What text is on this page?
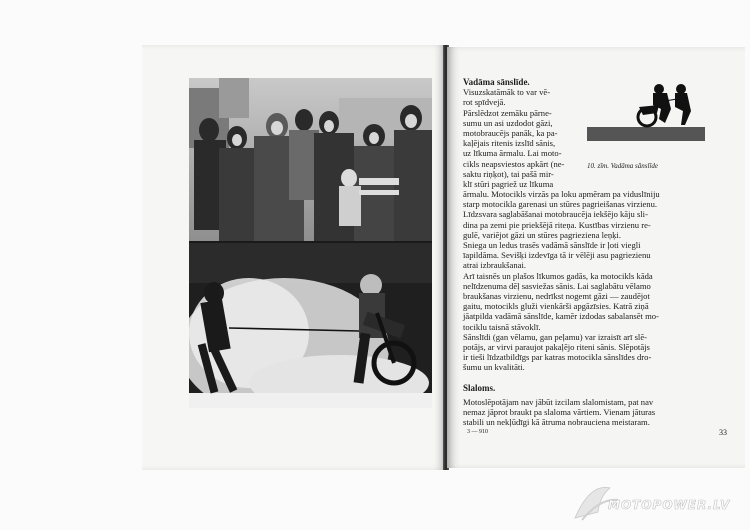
Vadāma sānslīde.
Visuzskatāmāk to var vē-
rot spīdvejā.
Pārslēdzot zemāku pārne-
sumu un asi uzdodot gāzi,
motobraucējs panāk, ka pa-
kaļējais ritenis izslīd sānis,
uz līkuma ārmalu. Lai moto-
cikls neapsviestos apkārt (ne-
saktu riņķot), tai pašā mir-
klī stūri pagriež uz līkuma
10. zīm. Vadāma sānslīde
ārmalu. Motocikls virzās pa loku apmēram pa viduslīniju
starp motocikla garenasi un stūres pagrieišanas virzienu.
Līdzsvara saglabāšanai motobraucēja iekšējo kāju sli-
dina pa zemi pie priekšējā riteņa. Kustības virzienu re-
gulē, variējot gāzi un stūres pagrieziena leņķi.
Sniega un ledus trasēs vadāmā sānslīde ir ļoti viegli
īapildāma. Sevišķi izdevīga tā ir vēlēji asu pagriezienu
atrai izbraukšanai.
Arī taisnēs un plašos līkumos gadās, ka motocikls kāda
nelīdzenuma dēļ sasviežas sānis. Lai saglabātu vēlamo
braukšanas virzienu, nedrīkst nogemt gāzi — zaudējot
gaitu, motocikls gluži vienkārši apgāzīsies. Katrā ziņā
jāatpilda vadāmā sānslīde, kamēr izdodas sabalansēt mo-
tociklu taisnā stāvoklī.
Sānslīdi (gan vēlamu, gan peļamu) var izraisīt arī slē-
potājs, ar virvi paraujot pakaļējo riteni sānis. Slēpotājs
ir tieši līdzatbildīgs par katras motocikla sānslīdes dro-
šumu un kvalitāti.
Slaloms.
Motoslēpotājam nav jābūt izcilam slalomistam, pat nav
nemaz jāprot braukt pa slaloma vārtiem. Vienam jāturas
stabili un nekļūdīgi kā ātruma nobrauciena meistaram.
3 — 910	33
MOTOPOWER.LV
